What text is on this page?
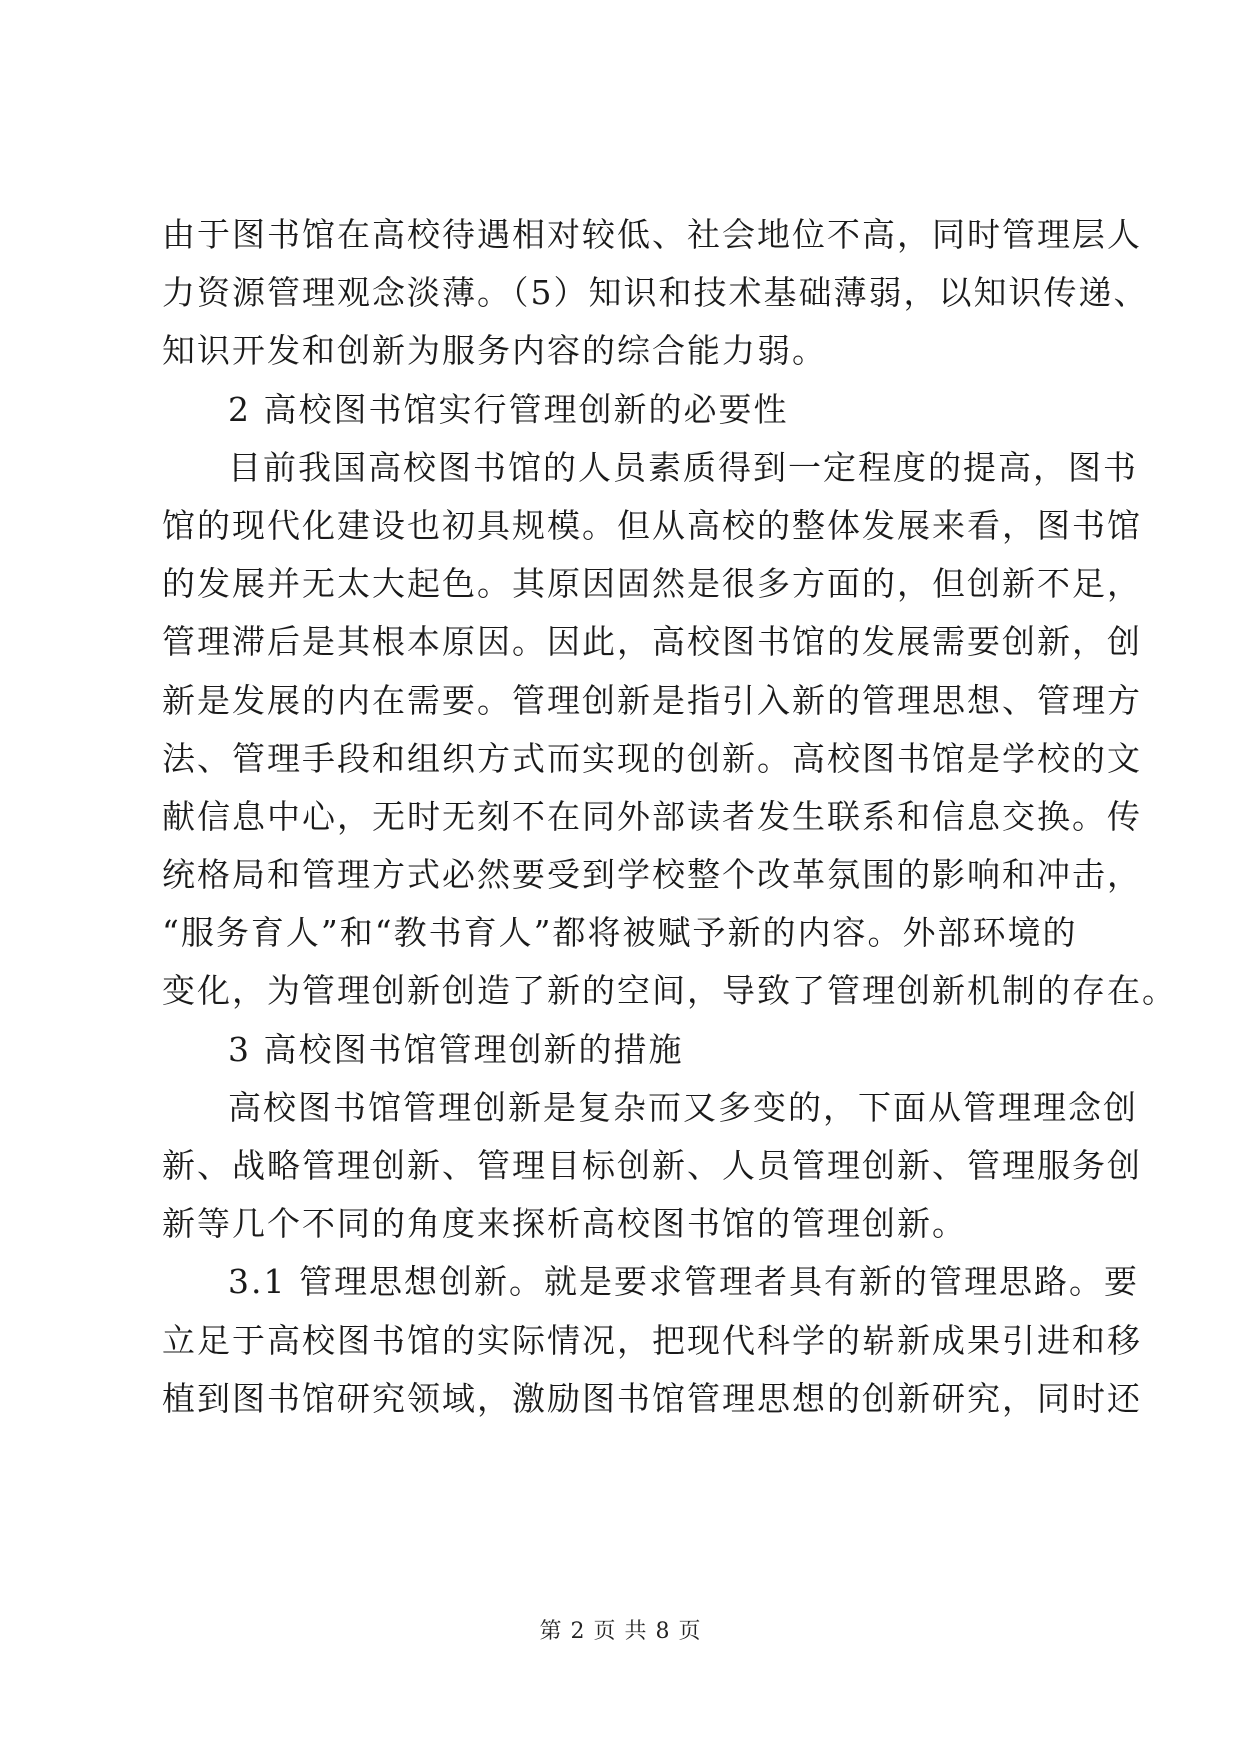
由于图书馆在高校待遇相对较低、社会地位不高，同时管理层人
力资源管理观念淡薄。（5）知识和技术基础薄弱，以知识传递、
知识开发和创新为服务内容的综合能力弱。
2 高校图书馆实行管理创新的必要性
目前我国高校图书馆的人员素质得到一定程度的提高，图书
馆的现代化建设也初具规模。但从高校的整体发展来看，图书馆
的发展并无太大起色。其原因固然是很多方面的，但创新不足，
管理滞后是其根本原因。因此，高校图书馆的发展需要创新，创
新是发展的内在需要。管理创新是指引入新的管理思想、管理方
法、管理手段和组织方式而实现的创新。高校图书馆是学校的文
献信息中心，无时无刻不在同外部读者发生联系和信息交换。传
统格局和管理方式必然要受到学校整个改革氛围的影响和冲击，
“服务育人”和“教书育人”都将被赋予新的内容。外部环境的
变化，为管理创新创造了新的空间，导致了管理创新机制的存在。
3 高校图书馆管理创新的措施
高校图书馆管理创新是复杂而又多变的，下面从管理理念创
新、战略管理创新、管理目标创新、人员管理创新、管理服务创
新等几个不同的角度来探析高校图书馆的管理创新。
3.1 管理思想创新。就是要求管理者具有新的管理思路。要
立足于高校图书馆的实际情况，把现代科学的崭新成果引进和移
植到图书馆研究领域，激励图书馆管理思想的创新研究，同时还
第 2 页 共 8 页
